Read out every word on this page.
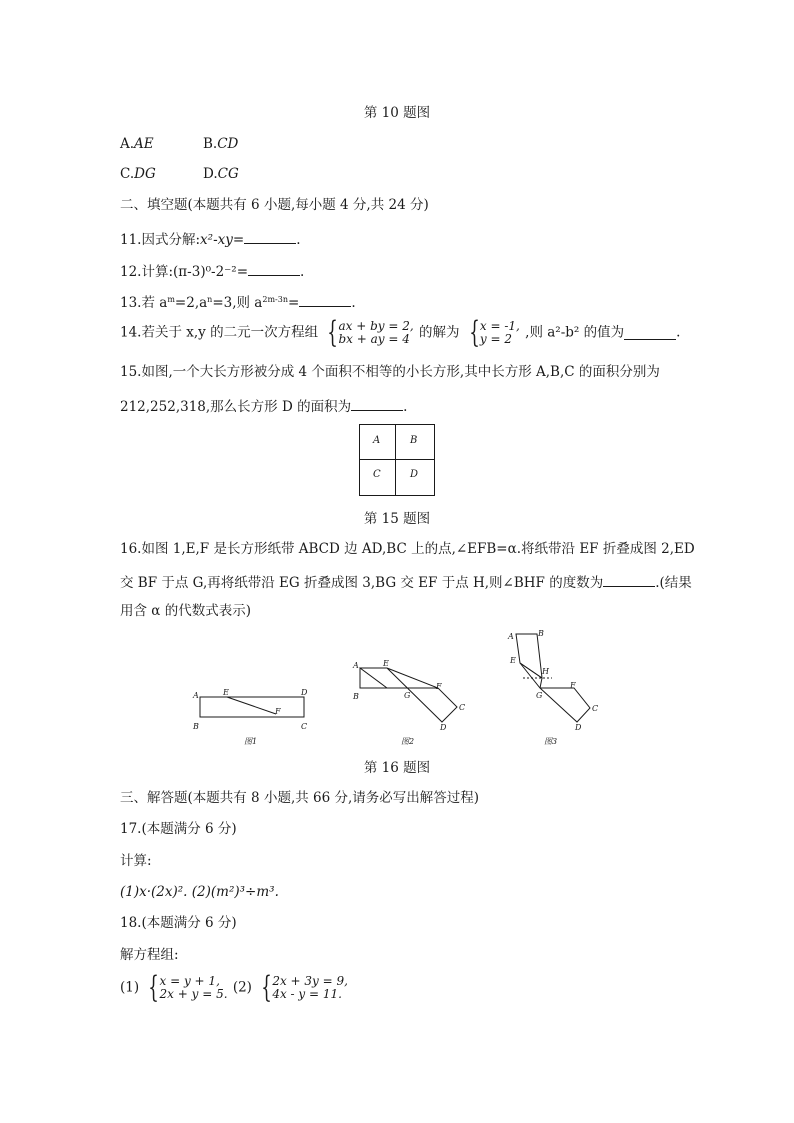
第 10 题图
A.AE	B.CD
C.DG	D.CG
二、填空题(本题共有 6 小题,每小题 4 分,共 24 分)
11.因式分解:x²-xy=	.
12.计算:(π-3)⁰-2⁻²=	.
13.若 $a^m=2,a^n=3$,则 $a^{2m-3n}=$	.
14.若关于 x,y 的二元一次方程组 { ax + by = 2,
bx + ay = 4 的解为 { x = -1,
y = 2 ,则 a²-b² 的值为	.
15.如图,一个大长方形被分成 4 个面积不相等的小长方形,其中长方形 A,B,C 的面积分别为
212,252,318,那么长方形 D 的面积为	.
A	B
C	D
第 15 题图
16.如图 1,E,F 是长方形纸带 ABCD 边 AD,BC 上的点,∠EFB=α.将纸带沿 EF 折叠成图 2,ED
交 BF 于点 G,再将纸带沿 EG 折叠成图 3,BG 交 EF 于点 H,则∠BHF 的度数为	.(结果
用含 α 的代数式表示)
A
B
E
F
D
C
图1
A
B
E
F
G
C
D
图2
A	B
E
H
G
F
C
D
图3
第 16 题图
三、解答题(本题共有 8 小题,共 66 分,请务必写出解答过程)
17.(本题满分 6 分)
计算:
(1)x·(2x)². (2)(m²)³÷m³.
18.(本题满分 6 分)
解方程组:
(1) { x = y + 1,
2x + y = 5. (2) { 2x + 3y = 9,
4x - y = 11.
